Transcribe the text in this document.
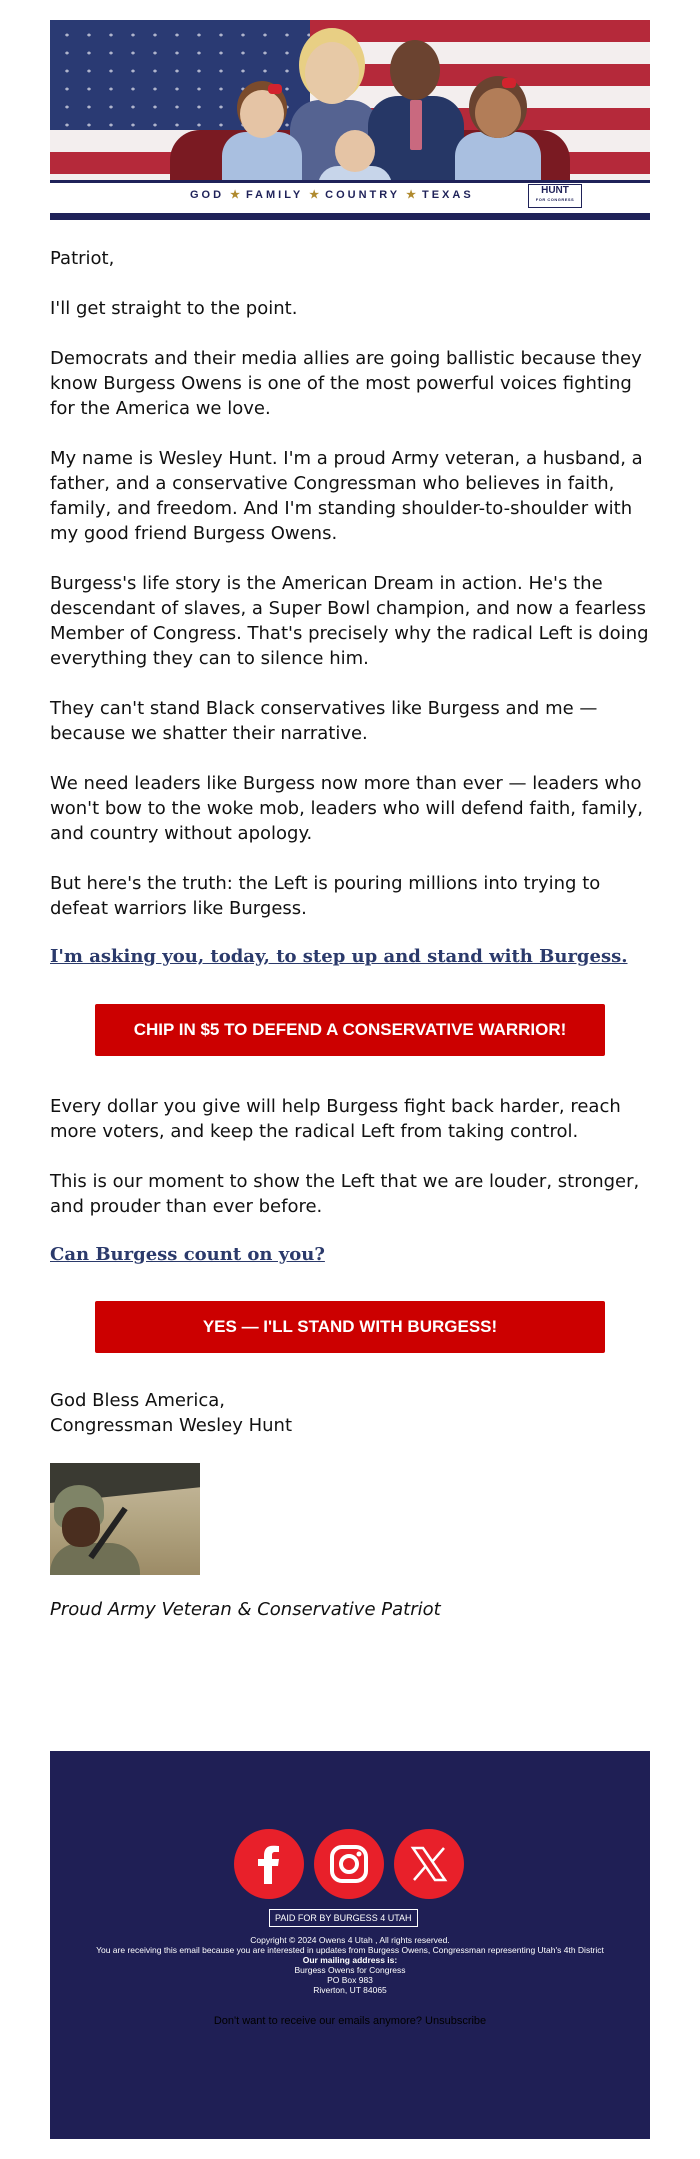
GOD ★ FAMILY ★ COUNTRY ★ TEXAS	HUNT
FOR CONGRESS
Patriot,
I'll get straight to the point.
Democrats and their media allies are going ballistic because they know Burgess Owens is one of the most powerful voices fighting for the America we love.
My name is Wesley Hunt. I'm a proud Army veteran, a husband, a father, and a conservative Congressman who believes in faith, family, and freedom. And I'm standing shoulder-to-shoulder with my good friend Burgess Owens.
Burgess's life story is the American Dream in action. He's the descendant of slaves, a Super Bowl champion, and now a fearless Member of Congress. That's precisely why the radical Left is doing everything they can to silence him.
They can't stand Black conservatives like Burgess and me — because we shatter their narrative.
We need leaders like Burgess now more than ever — leaders who won't bow to the woke mob, leaders who will defend faith, family, and country without apology.
But here's the truth: the Left is pouring millions into trying to defeat warriors like Burgess.
I'm asking you, today, to step up and stand with Burgess.
CHIP IN $5 TO DEFEND A CONSERVATIVE WARRIOR!
Every dollar you give will help Burgess fight back harder, reach more voters, and keep the radical Left from taking control.
This is our moment to show the Left that we are louder, stronger, and prouder than ever before.
Can Burgess count on you?
YES — I'LL STAND WITH BURGESS!
God Bless America,
Congressman Wesley Hunt
Proud Army Veteran & Conservative Patriot
PAID FOR BY BURGESS 4 UTAH
Copyright © 2024 Owens 4 Utah , All rights reserved.
You are receiving this email because you are interested in updates from Burgess Owens, Congressman representing Utah's 4th District
Our mailing address is:
Burgess Owens for Congress
PO Box 983
Riverton, UT 84065
Don't want to receive our emails anymore? Unsubscribe
